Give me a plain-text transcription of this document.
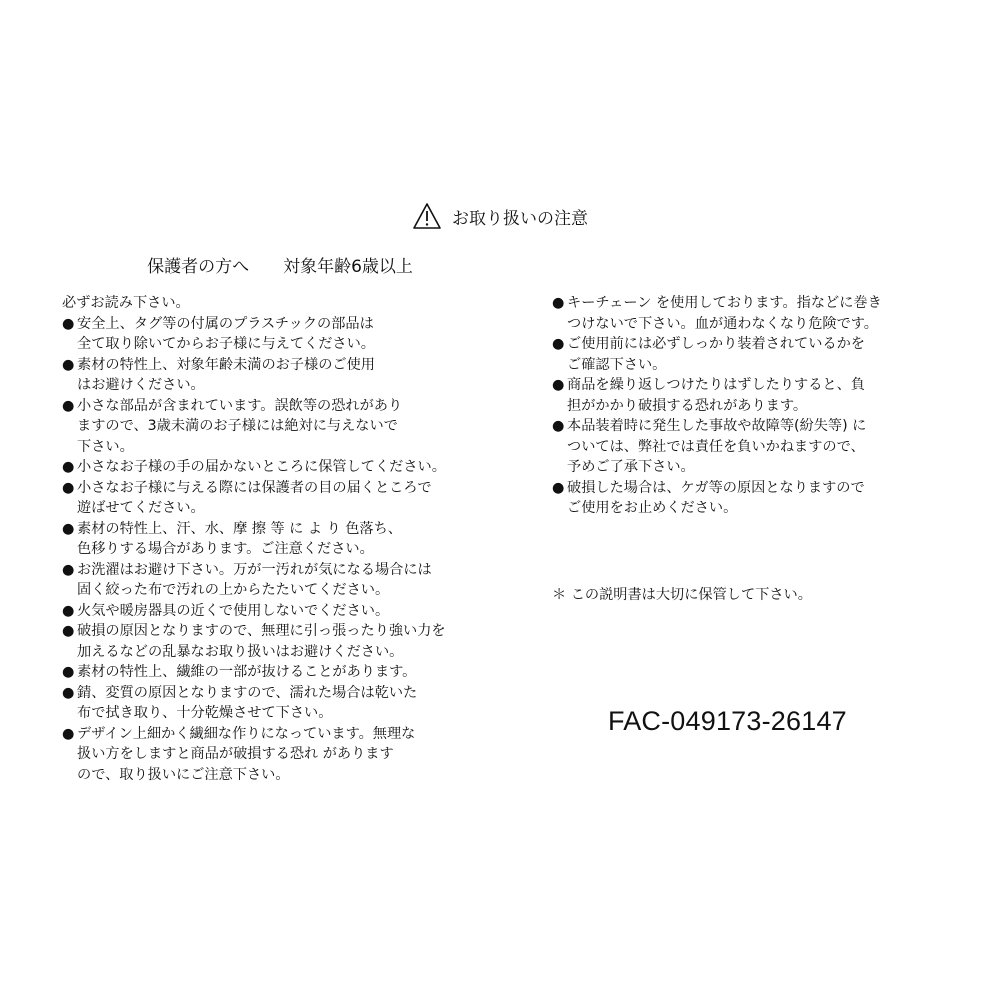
お取り扱いの注意
保護者の方へ　　対象年齢6歳以上
必ずお読み下さい。
● 安全上、タグ等の付属のプラスチックの部品は
全て取り除いてからお子様に与えてください。
● 素材の特性上、対象年齢未満のお子様のご使用
はお避けください。
● 小さな部品が含まれています。誤飲等の恐れがあり
ますので、3歳未満のお子様には絶対に与えないで
下さい。
● 小さなお子様の手の届かないところに保管してください。
● 小さなお子様に与える際には保護者の目の届くところで
遊ばせてください。
● 素材の特性上、汗、水、摩 擦 等 に よ り 色落ち、
色移りする場合があります。ご注意ください。
● お洗濯はお避け下さい。万が一汚れが気になる場合には
固く絞った布で汚れの上からたたいてください。
● 火気や暖房器具の近くで使用しないでください。
● 破損の原因となりますので、無理に引っ張ったり強い力を
加えるなどの乱暴なお取り扱いはお避けください。
● 素材の特性上、繊維の一部が抜けることがあります。
● 錆、変質の原因となりますので、濡れた場合は乾いた
布で拭き取り、十分乾燥させて下さい。
● デザイン上細かく繊細な作りになっています。無理な
扱い方をしますと商品が破損する恐れ があります
ので、取り扱いにご注意下さい。
● キーチェーン を使用しております。指などに巻き
つけないで下さい。血が通わなくなり危険です。
● ご使用前には必ずしっかり装着されているかを
ご確認下さい。
● 商品を繰り返しつけたりはずしたりすると、負
担がかかり破損する恐れがあります。
● 本品装着時に発生した事故や故障等(紛失等) に
ついては、弊社では責任を負いかねますので、
予めご了承下さい。
● 破損した場合は、ケガ等の原因となりますので
ご使用をお止めください。
＊ この説明書は大切に保管して下さい。
FAC-049173-26147
